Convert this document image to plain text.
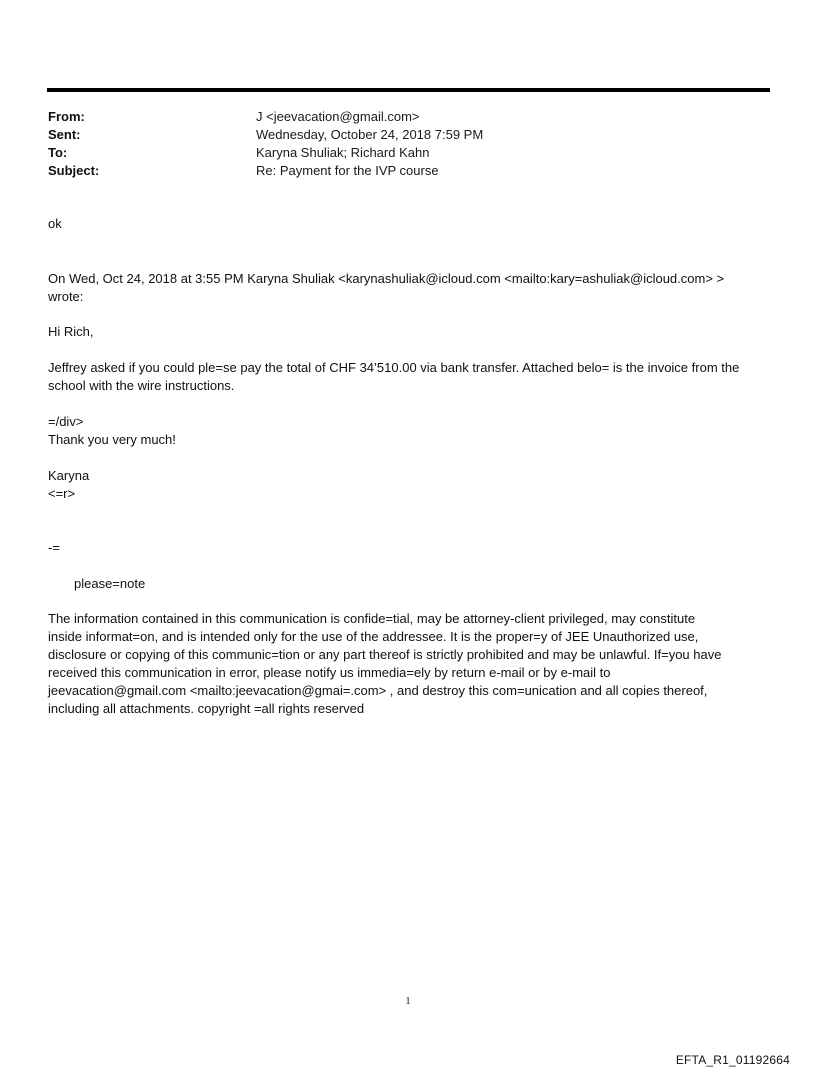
From:	J <jeevacation@gmail.com>
Sent:	Wednesday, October 24, 2018 7:59 PM
To:	Karyna Shuliak; Richard Kahn
Subject:	Re: Payment for the IVP course

ok

On Wed, Oct 24, 2018 at 3:55 PM Karyna Shuliak <karynashuliak@icloud.com <mailto:kary=ashuliak@icloud.com> >

wrote:

Hi Rich,

Jeffrey asked if you could ple=se pay the total of CHF 34’510.00 via bank transfer. Attached belo= is the invoice from the

school with the wire instructions.

=/div>

Thank you very much!

Karyna

<=r>

-=

please=note

The information contained in this communication is confide=tial, may be attorney-client privileged, may constitute

inside informat=on, and is intended only for the use of the addressee. It is the proper=y of JEE Unauthorized use,

disclosure or copying of this communic=tion or any part thereof is strictly prohibited and may be unlawful. If=you have

received this communication in error, please notify us immedia=ely by return e-mail or by e-mail to

jeevacation@gmail.com <mailto:jeevacation@gmai=.com> , and destroy this com=unication and all copies thereof,

including all attachments. copyright =all rights reserved

1
EFTA_R1_01192664
